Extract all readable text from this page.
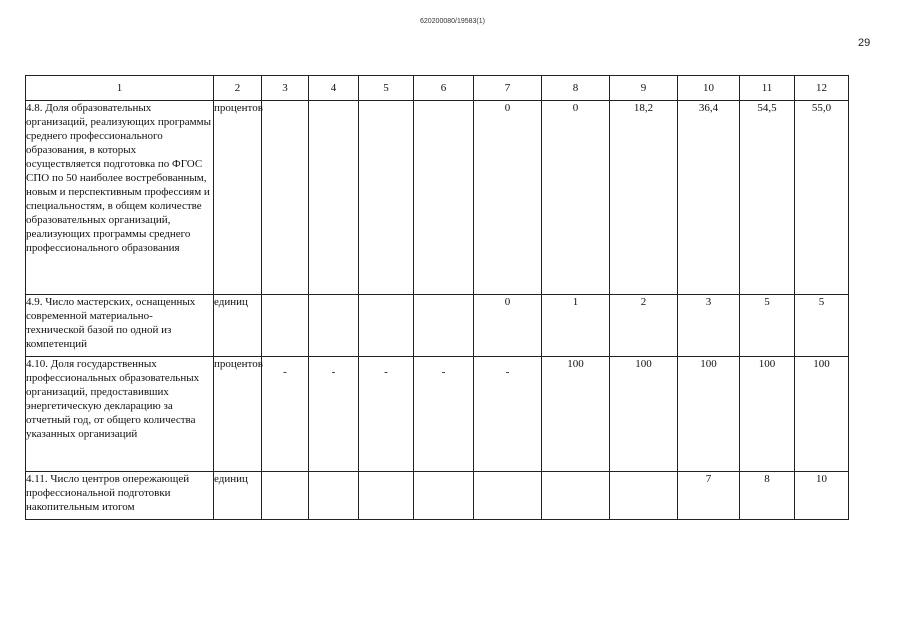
620200080/19583(1)
29
1	2	3	4	5	6	7	8	9	10	11	12
4.8. Доля образовательных организаций, реализующих программы среднего профессионального образования, в которых осуществляется подготовка по ФГОС СПО по 50 наиболее востребованным, новым и перспективным профессиям и специальностям, в общем количестве образовательных организаций, реализующих программы среднего профессионального образования	процентов					0	0	18,2	36,4	54,5	55,0
4.9. Число мастерских, оснащенных современной материально- технической базой по одной из компетенций	единиц					0	1	2	3	5	5
4.10. Доля государственных профессиональных образовательных организаций, предоставивших энергетическую декларацию за отчетный год, от общего количества указанных организаций	процентов	-	-	-	-	-	100	100	100	100	100
4.11. Число центров опережающей профессиональной подготовки накопительным итогом	единиц								7	8	10
